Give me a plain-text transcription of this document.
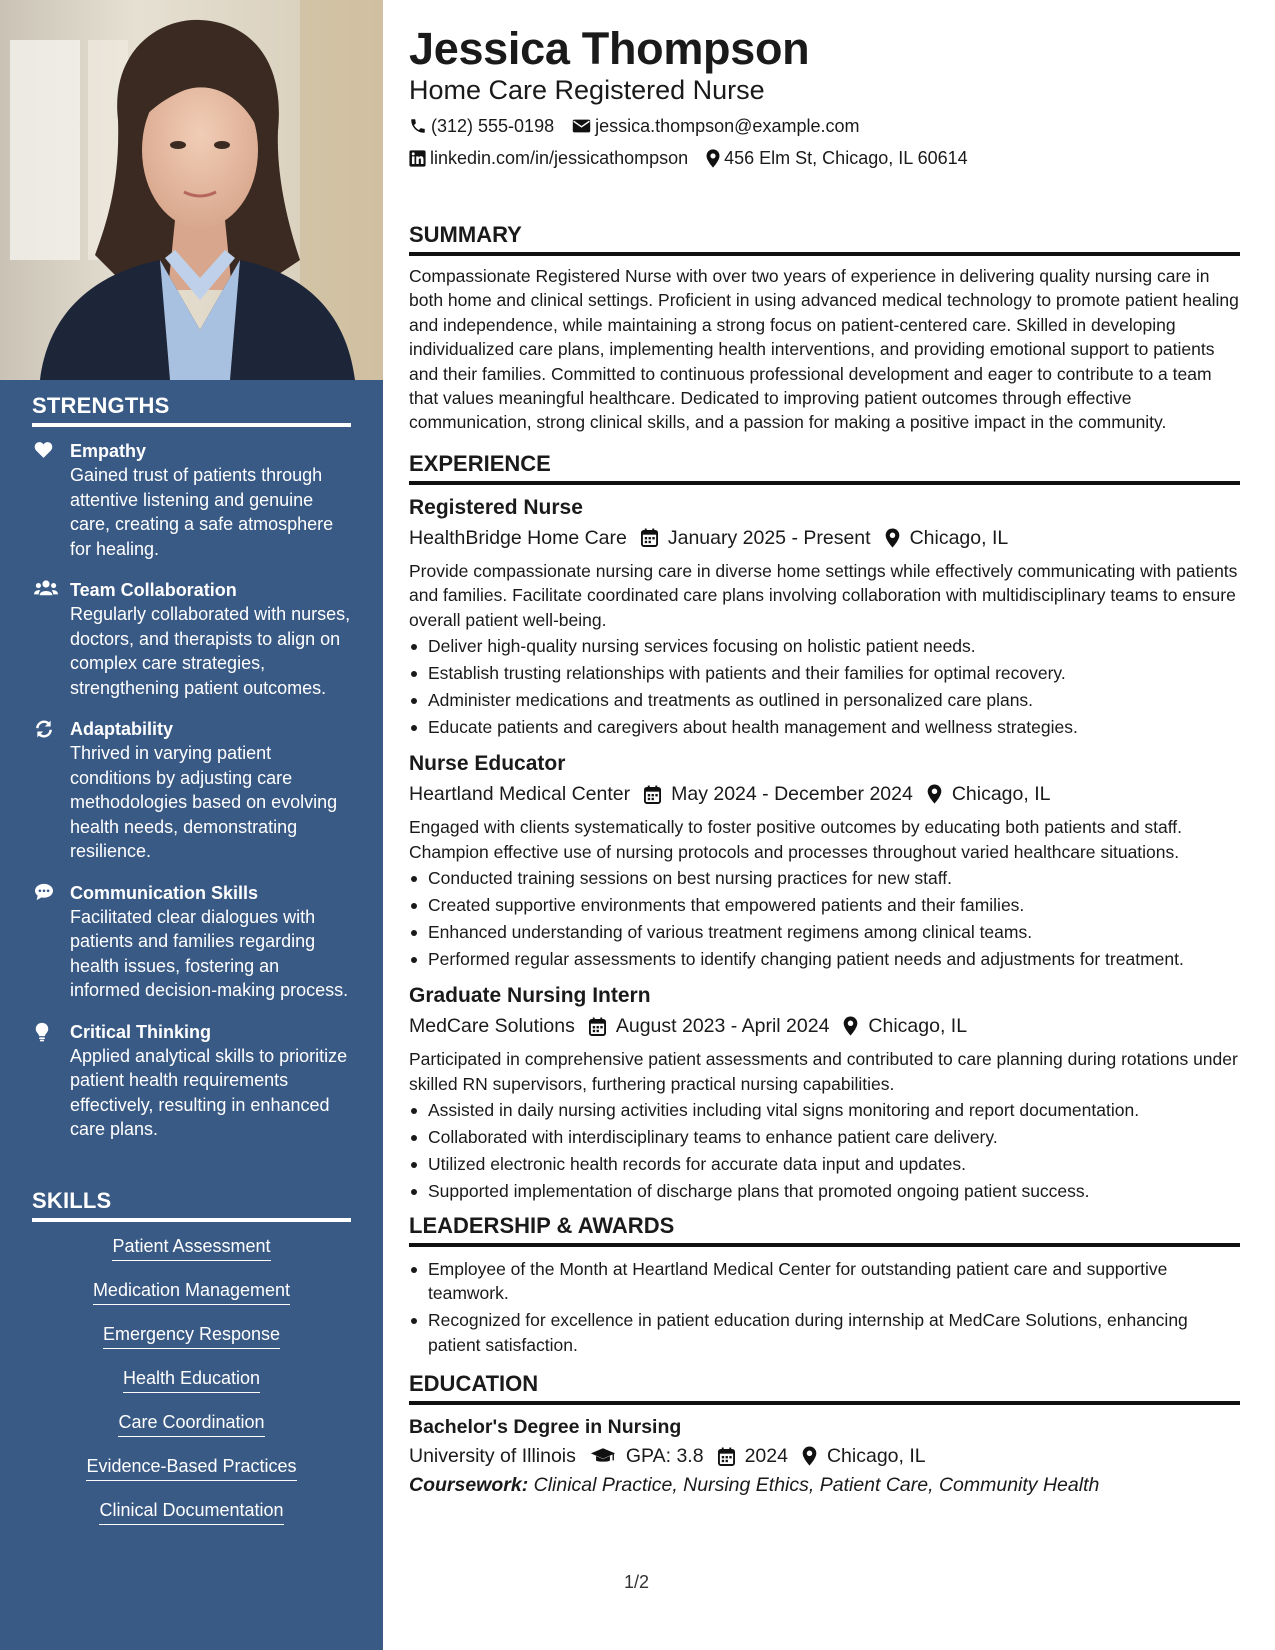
STRENGTHS
Empathy
Gained trust of patients through attentive listening and genuine care, creating a safe atmosphere for healing.
Team Collaboration
Regularly collaborated with nurses, doctors, and therapists to align on complex care strategies, strengthening patient outcomes.
Adaptability
Thrived in varying patient conditions by adjusting care methodologies based on evolving health needs, demonstrating resilience.
Communication Skills
Facilitated clear dialogues with patients and families regarding health issues, fostering an informed decision-making process.
Critical Thinking
Applied analytical skills to prioritize patient health requirements effectively, resulting in enhanced care plans.
SKILLS
Patient Assessment
Medication Management
Emergency Response
Health Education
Care Coordination
Evidence-Based Practices
Clinical Documentation
Jessica Thompson
Home Care Registered Nurse
(312) 555-0198 jessica.thompson@example.com
linkedin.com/in/jessicathompson 456 Elm St, Chicago, IL 60614
SUMMARY
Compassionate Registered Nurse with over two years of experience in delivering quality nursing care in both home and clinical settings. Proficient in using advanced medical technology to promote patient healing and independence, while maintaining a strong focus on patient-centered care. Skilled in developing individualized care plans, implementing health interventions, and providing emotional support to patients and their families. Committed to continuous professional development and eager to contribute to a team that values meaningful healthcare. Dedicated to improving patient outcomes through effective communication, strong clinical skills, and a passion for making a positive impact in the community.
EXPERIENCE
Registered Nurse
HealthBridge Home Care January 2025 - Present Chicago, IL
Provide compassionate nursing care in diverse home settings while effectively communicating with patients and families. Facilitate coordinated care plans involving collaboration with multidisciplinary teams to ensure overall patient well-being.
Deliver high-quality nursing services focusing on holistic patient needs.
Establish trusting relationships with patients and their families for optimal recovery.
Administer medications and treatments as outlined in personalized care plans.
Educate patients and caregivers about health management and wellness strategies.
Nurse Educator
Heartland Medical Center May 2024 - December 2024 Chicago, IL
Engaged with clients systematically to foster positive outcomes by educating both patients and staff. Champion effective use of nursing protocols and processes throughout varied healthcare situations.
Conducted training sessions on best nursing practices for new staff.
Created supportive environments that empowered patients and their families.
Enhanced understanding of various treatment regimens among clinical teams.
Performed regular assessments to identify changing patient needs and adjustments for treatment.
Graduate Nursing Intern
MedCare Solutions August 2023 - April 2024 Chicago, IL
Participated in comprehensive patient assessments and contributed to care planning during rotations under skilled RN supervisors, furthering practical nursing capabilities.
Assisted in daily nursing activities including vital signs monitoring and report documentation.
Collaborated with interdisciplinary teams to enhance patient care delivery.
Utilized electronic health records for accurate data input and updates.
Supported implementation of discharge plans that promoted ongoing patient success.
LEADERSHIP & AWARDS
Employee of the Month at Heartland Medical Center for outstanding patient care and supportive teamwork.
Recognized for excellence in patient education during internship at MedCare Solutions, enhancing patient satisfaction.
EDUCATION
Bachelor's Degree in Nursing
University of Illinois	GPA: 3.8 2024 Chicago, IL
Coursework: Clinical Practice, Nursing Ethics, Patient Care, Community Health
1/2
